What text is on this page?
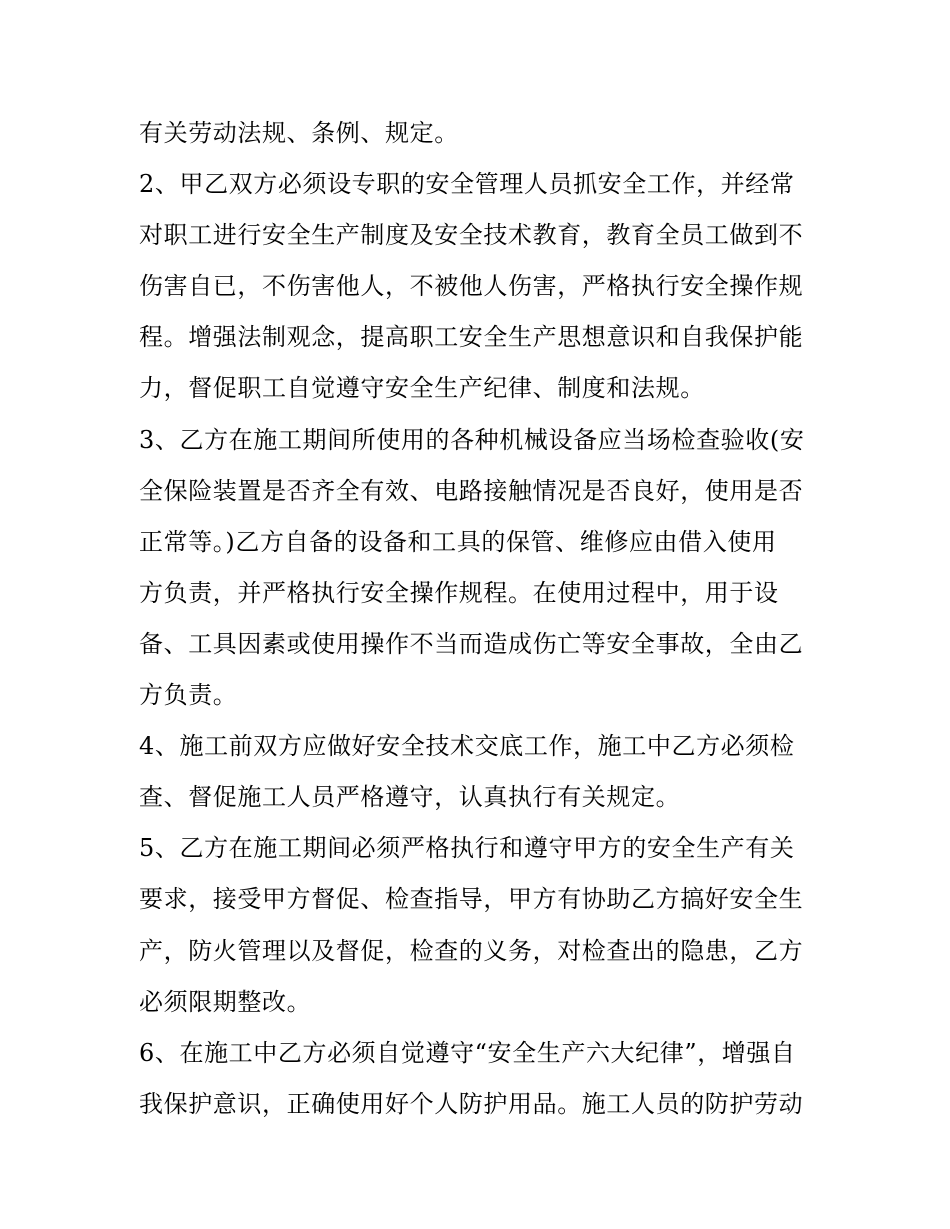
有关劳动法规、条例、规定。
2、甲乙双方必须设专职的安全管理人员抓安全工作，并经常
对职工进行安全生产制度及安全技术教育，教育全员工做到不
伤害自已，不伤害他人，不被他人伤害，严格执行安全操作规
程。增强法制观念，提高职工安全生产思想意识和自我保护能
力，督促职工自觉遵守安全生产纪律、制度和法规。
3、乙方在施工期间所使用的各种机械设备应当场检查验收(安
全保险装置是否齐全有效、电路接触情况是否良好，使用是否
正常等。)乙方自备的设备和工具的保管、维修应由借入使用
方负责，并严格执行安全操作规程。在使用过程中，用于设
备、工具因素或使用操作不当而造成伤亡等安全事故，全由乙
方负责。
4、施工前双方应做好安全技术交底工作，施工中乙方必须检
查、督促施工人员严格遵守，认真执行有关规定。
5、乙方在施工期间必须严格执行和遵守甲方的安全生产有关
要求，接受甲方督促、检查指导，甲方有协助乙方搞好安全生
产，防火管理以及督促，检查的义务，对检查出的隐患，乙方
必须限期整改。
6、在施工中乙方必须自觉遵守“安全生产六大纪律”，增强自
我保护意识，正确使用好个人防护用品。施工人员的防护劳动
